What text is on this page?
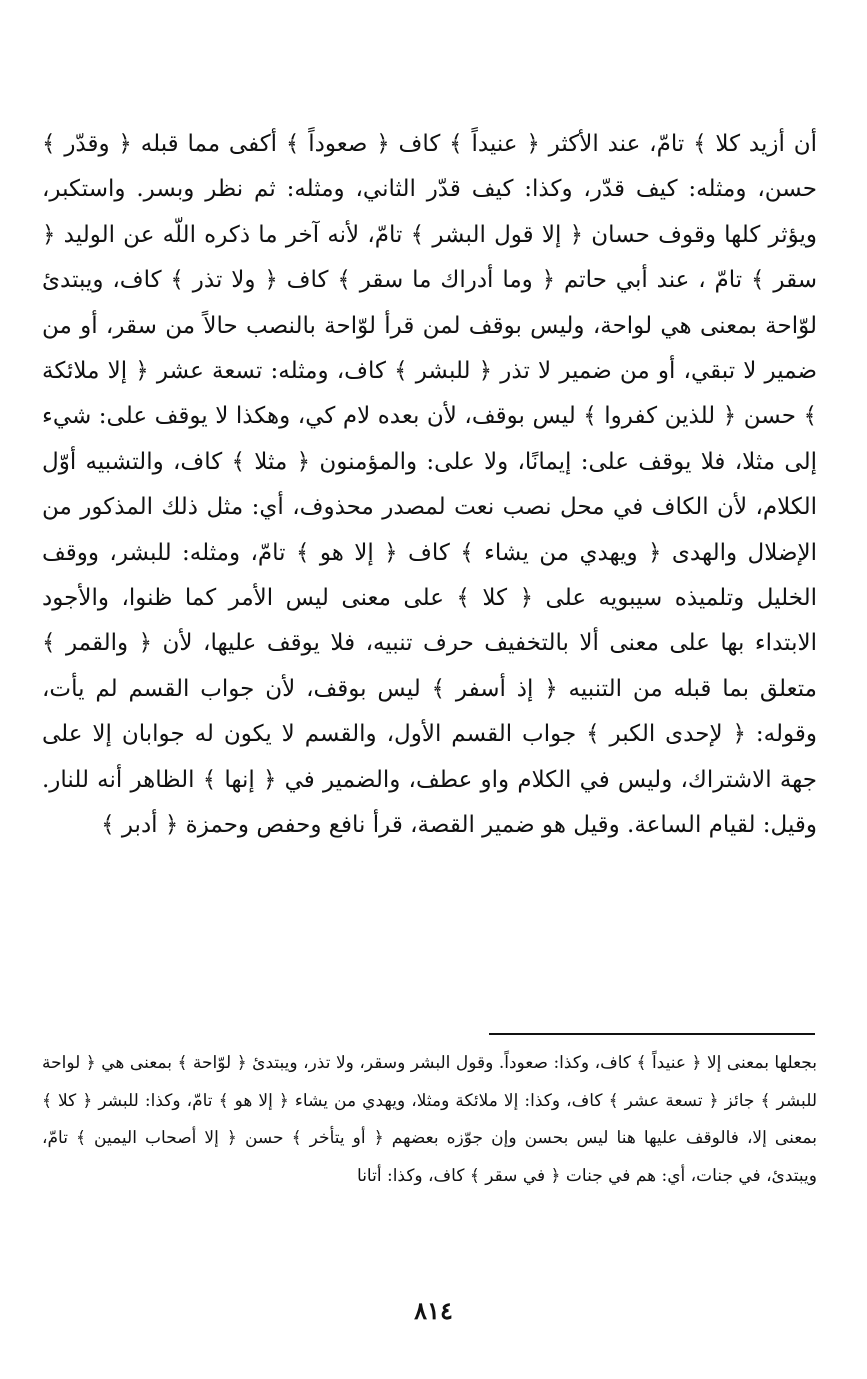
أن أزيد كلا ﴾ تامّ، عند الأكثر ﴿ عنيداً ﴾ كاف ﴿ صعوداً ﴾ أكفى مما قبله ﴿ وقدّر ﴾ حسن، ومثله: كيف قدّر، وكذا: كيف قدّر الثاني، ومثله: ثم نظر وبسر. واستكبر، ويؤثر كلها وقوف حسان ﴿ إلا قول البشر ﴾ تامّ، لأنه آخر ما ذكره اللّه عن الوليد ﴿ سقر ﴾ تامّ ، عند أبي حاتم ﴿ وما أدراك ما سقر ﴾ كاف ﴿ ولا تذر ﴾ كاف، ويبتدئ لوّاحة بمعنى هي لواحة، وليس بوقف لمن قرأ لوّاحة بالنصب حالاً من سقر، أو من ضمير لا تبقي، أو من ضمير لا تذر ﴿ للبشر ﴾ كاف، ومثله: تسعة عشر ﴿ إلا ملائكة ﴾ حسن ﴿ للذين كفروا ﴾ ليس بوقف، لأن بعده لام كي، وهكذا لا يوقف على: شيء إلى مثلا، فلا يوقف على: إيمانًا، ولا على: والمؤمنون ﴿ مثلا ﴾ كاف، والتشبيه أوّل الكلام، لأن الكاف في محل نصب نعت لمصدر محذوف، أي: مثل ذلك المذكور من الإضلال والهدى ﴿ ويهدي من يشاء ﴾ كاف ﴿ إلا هو ﴾ تامّ، ومثله: للبشر، ووقف الخليل وتلميذه سيبويه على ﴿ كلا ﴾ على معنى ليس الأمر كما ظنوا، والأجود الابتداء بها على معنى ألا بالتخفيف حرف تنبيه، فلا يوقف عليها، لأن ﴿ والقمر ﴾ متعلق بما قبله من التنبيه ﴿ إذ أسفر ﴾ ليس بوقف، لأن جواب القسم لم يأت، وقوله: ﴿ لإحدى الكبر ﴾ جواب القسم الأول، والقسم لا يكون له جوابان إلا على جهة الاشتراك، وليس في الكلام واو عطف، والضمير في ﴿ إنها ﴾ الظاهر أنه للنار. وقيل: لقيام الساعة. وقيل هو ضمير القصة، قرأ نافع وحفص وحمزة ﴿ أدبر ﴾

بجعلها بمعنى إلا ﴿ عنيداً ﴾ كاف، وكذا: صعوداً. وقول البشر وسقر، ولا تذر، ويبتدئ ﴿ لوّاحة ﴾ بمعنى هي ﴿ لواحة للبشر ﴾ جائز ﴿ تسعة عشر ﴾ كاف، وكذا: إلا ملائكة ومثلا، ويهدي من يشاء ﴿ إلا هو ﴾ تامّ، وكذا: للبشر ﴿ كلا ﴾ بمعنى إلا، فالوقف عليها هنا ليس بحسن وإن جوّزه بعضهم ﴿ أو يتأخر ﴾ حسن ﴿ إلا أصحاب اليمين ﴾ تامّ، ويبتدئ، في جنات، أي: هم في جنات ﴿ في سقر ﴾ كاف، وكذا: أتانا

٨١٤
